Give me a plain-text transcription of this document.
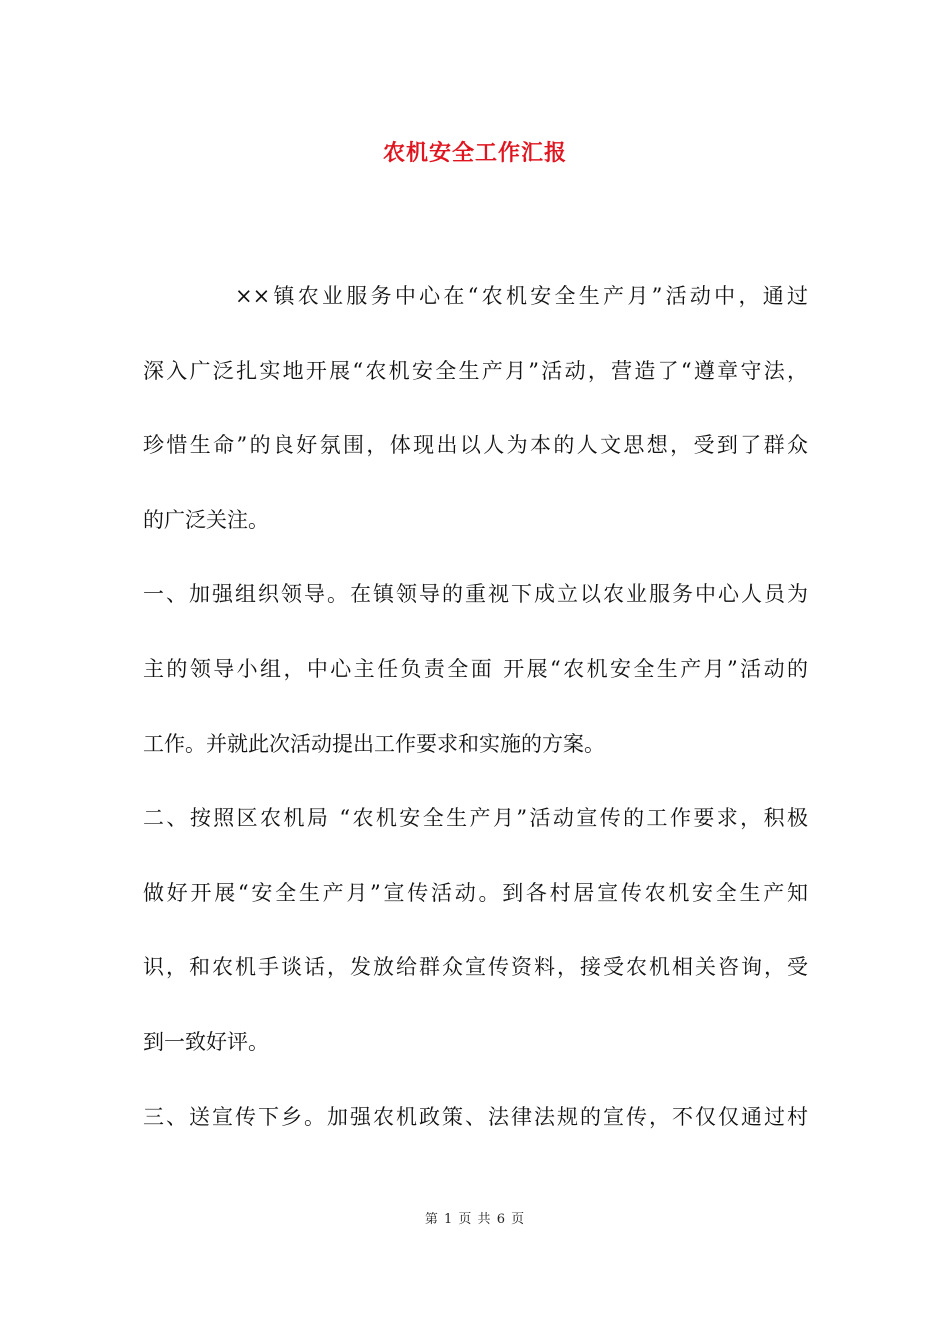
农机安全工作汇报
××镇农业服务中心在“农机安全生产月”活动中，通过
深入广泛扎实地开展“农机安全生产月”活动，营造了“遵章守法，
珍惜生命”的良好氛围，体现出以人为本的人文思想，受到了群众
的广泛关注。
一、加强组织领导。在镇领导的重视下成立以农业服务中心人员为
主的领导小组，中心主任负责全面 开展“农机安全生产月”活动的
工作。并就此次活动提出工作要求和实施的方案。
二、按照区农机局 “农机安全生产月”活动宣传的工作要求，积极
做好开展“安全生产月”宣传活动。到各村居宣传农机安全生产知
识，和农机手谈话，发放给群众宣传资料，接受农机相关咨询，受
到一致好评。
三、送宣传下乡。加强农机政策、法律法规的宣传，不仅仅通过村
第 1 页 共 6 页
